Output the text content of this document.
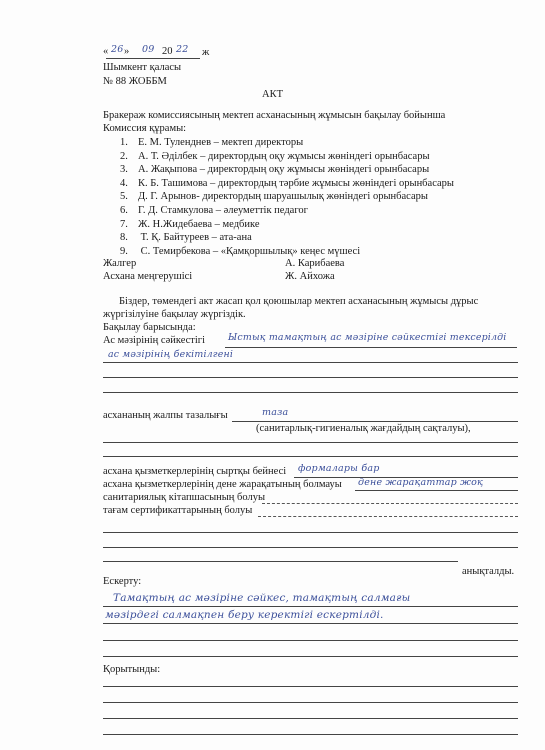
« 26 » 09 20 22 ж
Шымкент қаласы
№ 88 ЖОББМ
АКТ
Бракераж комиссиясының мектеп асханасының жұмысын бақылау бойынша
Комиссия құрамы:
1. Е. М. Туленднев – мектеп директоры
2. А. Т. Әділбек – директордың оқу жұмысы жөніндегі орынбасары
3. А. Жақыпова – директордың оқу жұмысы жөніндегі орынбасары
4. К. Б. Ташимова – директордың тәрбие жұмысы жөніндегі орынбасары
5. Д. Г. Арынов- директордың шаруашылық жөніндегі орынбасары
6. Г. Д. Стамкулова – әлеуметтік педагог
7. Ж. Н.Жидебаева – медбике
8. Т. Қ. Байтуреев – ата-ана
9. С. Темирбекова – «Қамқоршылық» кеңес мүшесі
Жалгер	А. Карибаева
Асхана меңгерушісі	Ж. Айхожа
Біздер, төмендегі акт жасап қол қоюшылар мектеп асханасының жұмысы дұрыс
жүргізілуіне бақылау жүргіздік.
Бақылау барысында:
Ас мәзірінің сәйкестігі Ыстық тамақтың ас мәзіріне сәйкестігі тексерілді
ас мәзірінің бекітілгені
асхананың жалпы тазалығы	таза
(санитарлық-гигиеналық жағдайдың сақталуы),
асхана қызметкерлерінің сыртқы бейнесі формалары бар
асхана қызметкерлерінің дене жарақатының болмауы дене жарақаттар жоқ
санитариялық кітапшасының болуы
тағам сертификаттарының болуы
анықталды.
Ескерту:
Тамақтың ас мәзіріне сәйкес, тамақтың салмағы
мәзірдегі салмақпен беру керектігі ескертілді.
Қорытынды:
